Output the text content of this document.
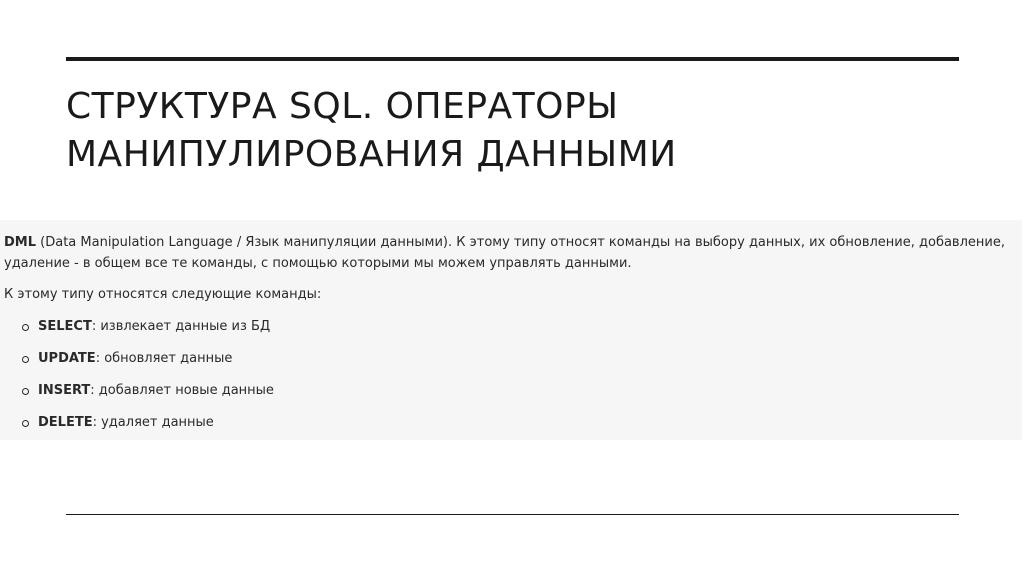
СТРУКТУРА SQL. ОПЕРАТОРЫ
МАНИПУЛИРОВАНИЯ ДАННЫМИ

DML (Data Manipulation Language / Язык манипуляции данными). К этому типу относят команды на выбору данных, их обновление, добавление, удаление - в общем все те команды, с помощью которыми мы можем управлять данными.

К этому типу относятся следующие команды:

SELECT: извлекает данные из БД
UPDATE: обновляет данные
INSERT: добавляет новые данные
DELETE: удаляет данные
